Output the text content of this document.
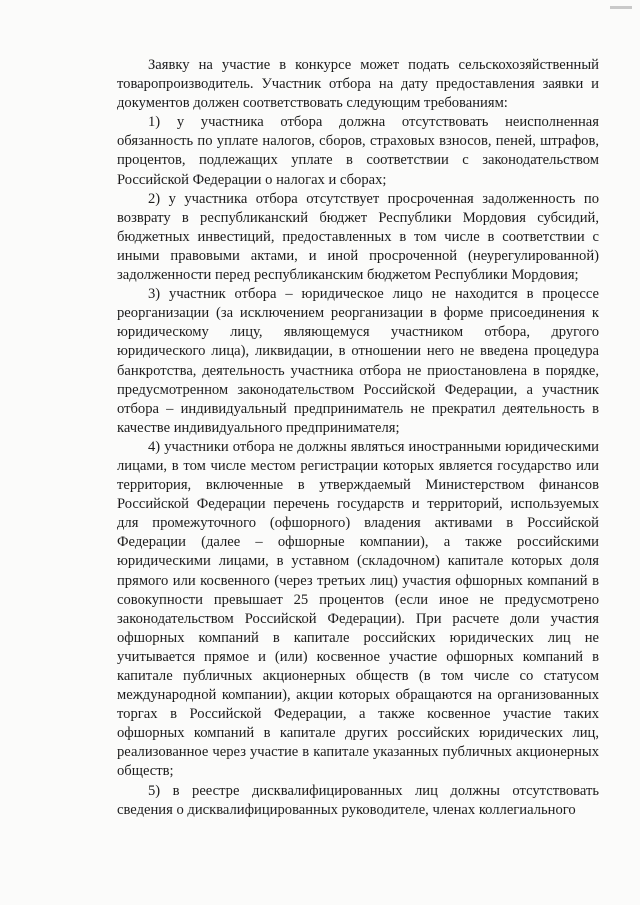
Заявку на участие в конкурсе может подать сельскохозяйственный товаропроизводитель. Участник отбора на дату предоставления заявки и документов должен соответствовать следующим требованиям:

1) у участника отбора должна отсутствовать неисполненная обязанность по уплате налогов, сборов, страховых взносов, пеней, штрафов, процентов, подлежащих уплате в соответствии с законодательством Российской Федерации о налогах и сборах;

2) у участника отбора отсутствует просроченная задолженность по возврату в республиканский бюджет Республики Мордовия субсидий, бюджетных инвестиций, предоставленных в том числе в соответствии с иными правовыми актами, и иной просроченной (неурегулированной) задолженности перед республиканским бюджетом Республики Мордовия;

3) участник отбора – юридическое лицо не находится в процессе реорганизации (за исключением реорганизации в форме присоединения к юридическому лицу, являющемуся участником отбора, другого юридического лица), ликвидации, в отношении него не введена процедура банкротства, деятельность участника отбора не приостановлена в порядке, предусмотренном законодательством Российской Федерации, а участник отбора – индивидуальный предприниматель не прекратил деятельность в качестве индивидуального предпринимателя;

4) участники отбора не должны являться иностранными юридическими лицами, в том числе местом регистрации которых является государство или территория, включенные в утверждаемый Министерством финансов Российской Федерации перечень государств и территорий, используемых для промежуточного (офшорного) владения активами в Российской Федерации (далее – офшорные компании), а также российскими юридическими лицами, в уставном (складочном) капитале которых доля прямого или косвенного (через третьих лиц) участия офшорных компаний в совокупности превышает 25 процентов (если иное не предусмотрено законодательством Российской Федерации). При расчете доли участия офшорных компаний в капитале российских юридических лиц не учитывается прямое и (или) косвенное участие офшорных компаний в капитале публичных акционерных обществ (в том числе со статусом международной компании), акции которых обращаются на организованных торгах в Российской Федерации, а также косвенное участие таких офшорных компаний в капитале других российских юридических лиц, реализованное через участие в капитале указанных публичных акционерных обществ;

5) в реестре дисквалифицированных лиц должны отсутствовать сведения о дисквалифицированных руководителе, членах коллегиального
